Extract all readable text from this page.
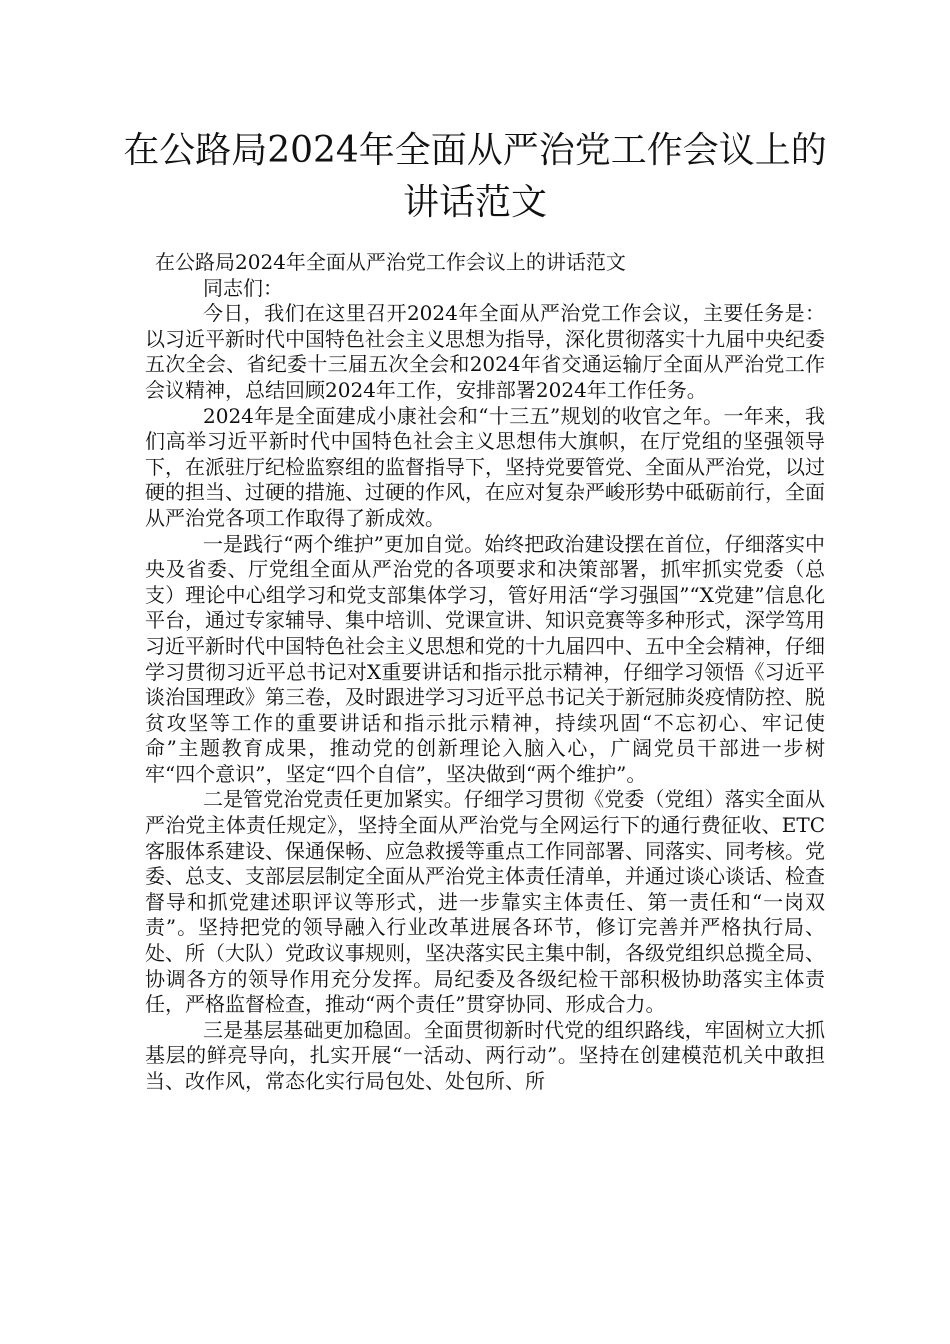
在公路局2024年全面从严治党工作会议上的讲话范文

在公路局2024年全面从严治党工作会议上的讲话范文

同志们：

今日，我们在这里召开2024年全面从严治党工作会议，主要任务是：以习近平新时代中国特色社会主义思想为指导，深化贯彻落实十九届中央纪委五次全会、省纪委十三届五次全会和2024年省交通运输厅全面从严治党工作会议精神，总结回顾2024年工作，安排部署2024年工作任务。

2024年是全面建成小康社会和“十三五”规划的收官之年。一年来，我们高举习近平新时代中国特色社会主义思想伟大旗帜，在厅党组的坚强领导下，在派驻厅纪检监察组的监督指导下，坚持党要管党、全面从严治党，以过硬的担当、过硬的措施、过硬的作风，在应对复杂严峻形势中砥砺前行，全面从严治党各项工作取得了新成效。

一是践行“两个维护”更加自觉。始终把政治建设摆在首位，仔细落实中央及省委、厅党组全面从严治党的各项要求和决策部署，抓牢抓实党委（总支）理论中心组学习和党支部集体学习，管好用活“学习强国”“X党建”信息化平台，通过专家辅导、集中培训、党课宣讲、知识竞赛等多种形式，深学笃用习近平新时代中国特色社会主义思想和党的十九届四中、五中全会精神，仔细学习贯彻习近平总书记对X重要讲话和指示批示精神，仔细学习领悟《习近平谈治国理政》第三卷，及时跟进学习习近平总书记关于新冠肺炎疫情防控、脱贫攻坚等工作的重要讲话和指示批示精神，持续巩固“不忘初心、牢记使命”主题教育成果，推动党的创新理论入脑入心，广阔党员干部进一步树牢“四个意识”，坚定“四个自信”，坚决做到“两个维护”。

二是管党治党责任更加紧实。仔细学习贯彻《党委（党组）落实全面从严治党主体责任规定》，坚持全面从严治党与全网运行下的通行费征收、ETC客服体系建设、保通保畅、应急救援等重点工作同部署、同落实、同考核。党委、总支、支部层层制定全面从严治党主体责任清单，并通过谈心谈话、检查督导和抓党建述职评议等形式，进一步靠实主体责任、第一责任和“一岗双责”。坚持把党的领导融入行业改革进展各环节，修订完善并严格执行局、处、所（大队）党政议事规则，坚决落实民主集中制，各级党组织总揽全局、协调各方的领导作用充分发挥。局纪委及各级纪检干部积极协助落实主体责任，严格监督检查，推动“两个责任”贯穿协同、形成合力。

三是基层基础更加稳固。全面贯彻新时代党的组织路线，牢固树立大抓基层的鲜亮导向，扎实开展“一活动、两行动”。坚持在创建模范机关中敢担当、改作风，常态化实行局包处、处包所、所
